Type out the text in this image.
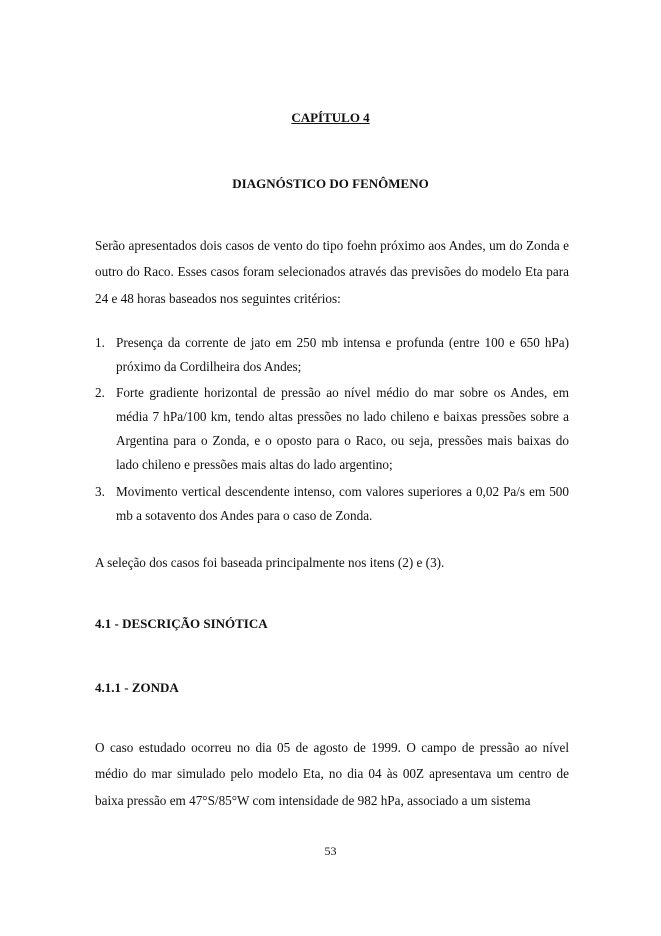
CAPÍTULO 4
DIAGNÓSTICO DO FENÔMENO

Serão apresentados dois casos de vento do tipo foehn próximo aos Andes, um do Zonda e outro do Raco. Esses casos foram selecionados através das previsões do modelo Eta para 24 e 48 horas baseados nos seguintes critérios:

1. Presença da corrente de jato em 250 mb intensa e profunda (entre 100 e 650 hPa) próximo da Cordilheira dos Andes;
2. Forte gradiente horizontal de pressão ao nível médio do mar sobre os Andes, em média 7 hPa/100 km, tendo altas pressões no lado chileno e baixas pressões sobre a Argentina para o Zonda, e o oposto para o Raco, ou seja, pressões mais baixas do lado chileno e pressões mais altas do lado argentino;
3. Movimento vertical descendente intenso, com valores superiores a 0,02 Pa/s em 500 mb a sotavento dos Andes para o caso de Zonda.

A seleção dos casos foi baseada principalmente nos itens (2) e (3).

4.1 - DESCRIÇÃO SINÓTICA
4.1.1 - ZONDA

O caso estudado ocorreu no dia 05 de agosto de 1999. O campo de pressão ao nível médio do mar simulado pelo modelo Eta, no dia 04 às 00Z apresentava um centro de baixa pressão em 47°S/85°W com intensidade de 982 hPa, associado a um sistema

53
